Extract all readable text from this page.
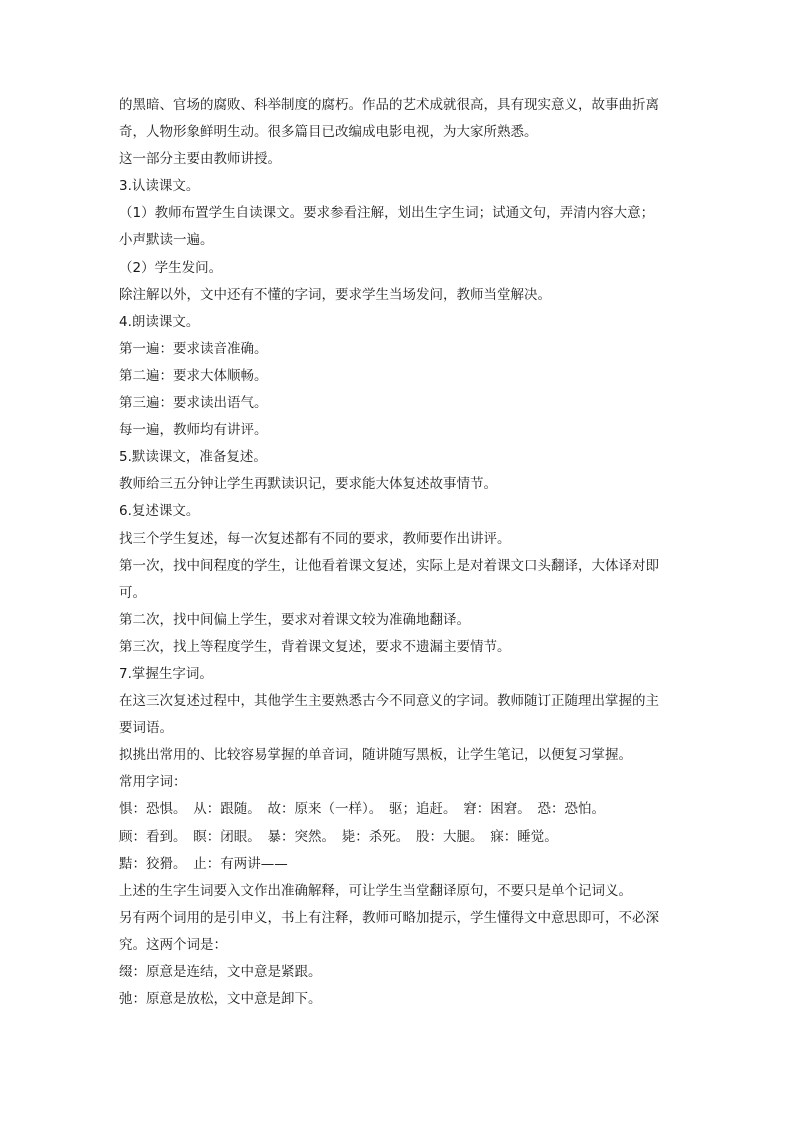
的黑暗、官场的腐败、科举制度的腐朽。作品的艺术成就很高，具有现实意义，故事曲折离
奇，人物形象鲜明生动。很多篇目已改编成电影电视，为大家所熟悉。
这一部分主要由教师讲授。
3.认读课文。
（1）教师布置学生自读课文。要求参看注解，划出生字生词；试通文句，弄清内容大意；
小声默读一遍。
（2）学生发问。
除注解以外，文中还有不懂的字词，要求学生当场发问，教师当堂解决。
4.朗读课文。
第一遍：要求读音准确。
第二遍：要求大体顺畅。
第三遍：要求读出语气。
每一遍，教师均有讲评。
5.默读课文，准备复述。
教师给三五分钟让学生再默读识记，要求能大体复述故事情节。
6.复述课文。
找三个学生复述，每一次复述都有不同的要求，教师要作出讲评。
第一次，找中间程度的学生，让他看着课文复述，实际上是对着课文口头翻译，大体译对即
可。
第二次，找中间偏上学生，要求对着课文较为准确地翻译。
第三次，找上等程度学生，背着课文复述，要求不遗漏主要情节。
7.掌握生字词。
在这三次复述过程中，其他学生主要熟悉古今不同意义的字词。教师随订正随理出掌握的主
要词语。
拟挑出常用的、比较容易掌握的单音词，随讲随写黑板，让学生笔记，以便复习掌握。
常用字词：
惧：恐惧。　从：跟随。　故：原来（一样）。　驱；追赶。　窘：困窘。　恐：恐怕。
顾：看到。　瞑：闭眼。　暴：突然。　毙：杀死。　股：大腿。　寐：睡觉。
黠：狡猾。　止：有两讲——
上述的生字生词要入文作出准确解释，可让学生当堂翻译原句，不要只是单个记词义。
另有两个词用的是引申义，书上有注释，教师可略加提示，学生懂得文中意思即可，不必深
究。这两个词是：
缀：原意是连结，文中意是紧跟。
弛：原意是放松，文中意是卸下。
